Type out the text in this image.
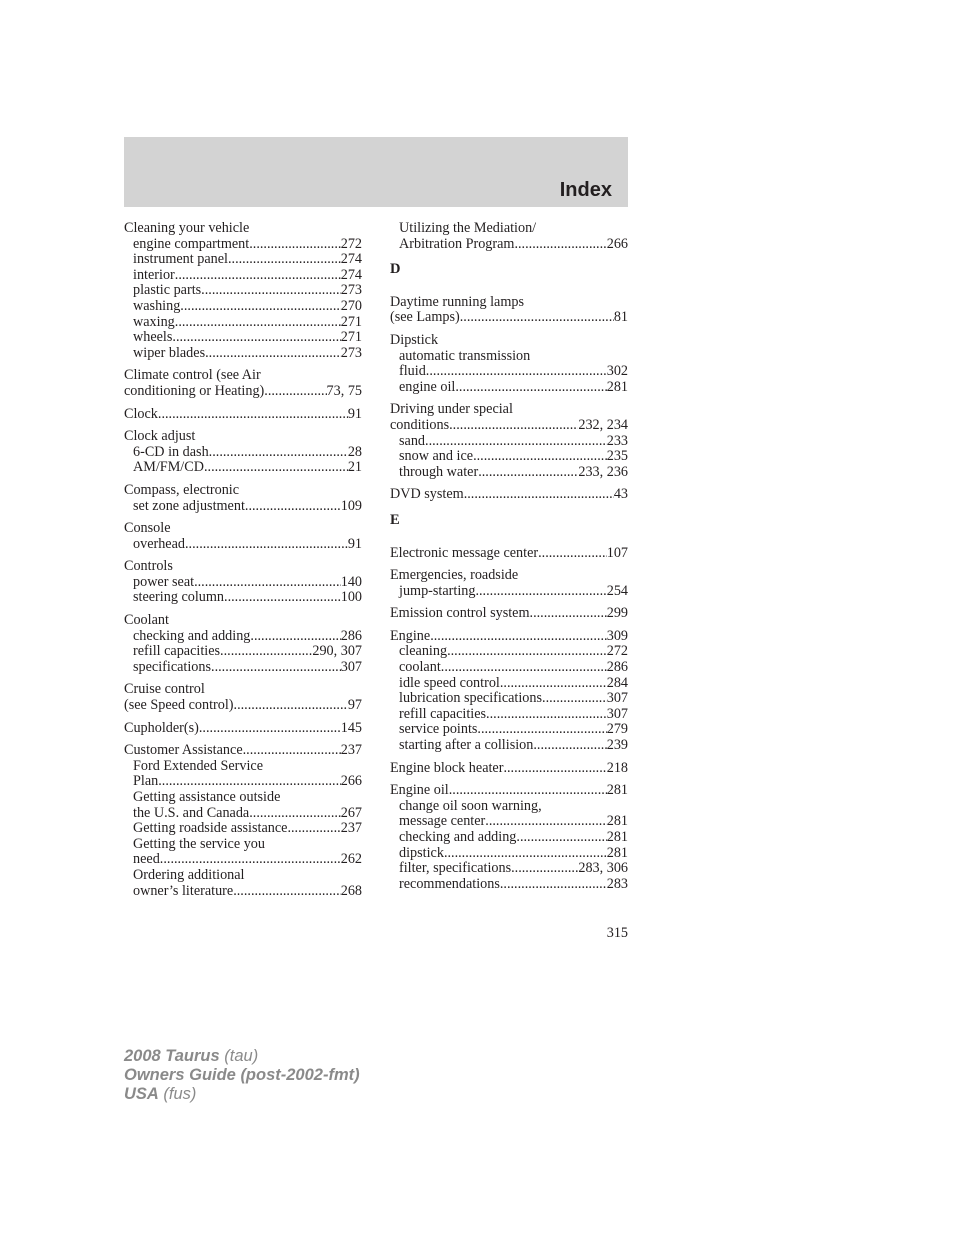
Index
Cleaning your vehicle
engine compartment .....	272
instrument panel .....	274
interior .....	274
plastic parts .....	273
washing .....	270
waxing .....	271
wheels .....	271
wiper blades .....	273
Climate control (see Air
conditioning or Heating) .....	73, 75
Clock .....	91
Clock adjust
6-CD in dash .....	28
AM/FM/CD .....	21
Compass, electronic
set zone adjustment .....	109
Console
overhead .....	91
Controls
power seat .....	140
steering column .....	100
Coolant
checking and adding .....	286
refill capacities .....	290, 307
specifications .....	307
Cruise control
(see Speed control) .....	97
Cupholder(s) .....	145
Customer Assistance .....	237
Ford Extended Service
Plan .....	266
Getting assistance outside
the U.S. and Canada .....	267
Getting roadside assistance .....	237
Getting the service you
need .....	262
Ordering additional
owner’s literature .....	268
Utilizing the Mediation/
Arbitration Program .....	266
D
Daytime running lamps
(see Lamps) .....	81
Dipstick
automatic transmission
fluid .....	302
engine oil .....	281
Driving under special
conditions .....	232, 234
sand .....	233
snow and ice .....	235
through water .....	233, 236
DVD system .....	43
E
Electronic message center .....	107
Emergencies, roadside
jump-starting .....	254
Emission control system .....	299
Engine .....	309
cleaning .....	272
coolant .....	286
idle speed control .....	284
lubrication specifications .....	307
refill capacities .....	307
service points .....	279
starting after a collision .....	239
Engine block heater .....	218
Engine oil .....	281
change oil soon warning,
message center .....	281
checking and adding .....	281
dipstick .....	281
filter, specifications .....	283, 306
recommendations .....	283
315
2008 Taurus (tau)
Owners Guide (post-2002-fmt)
USA (fus)
